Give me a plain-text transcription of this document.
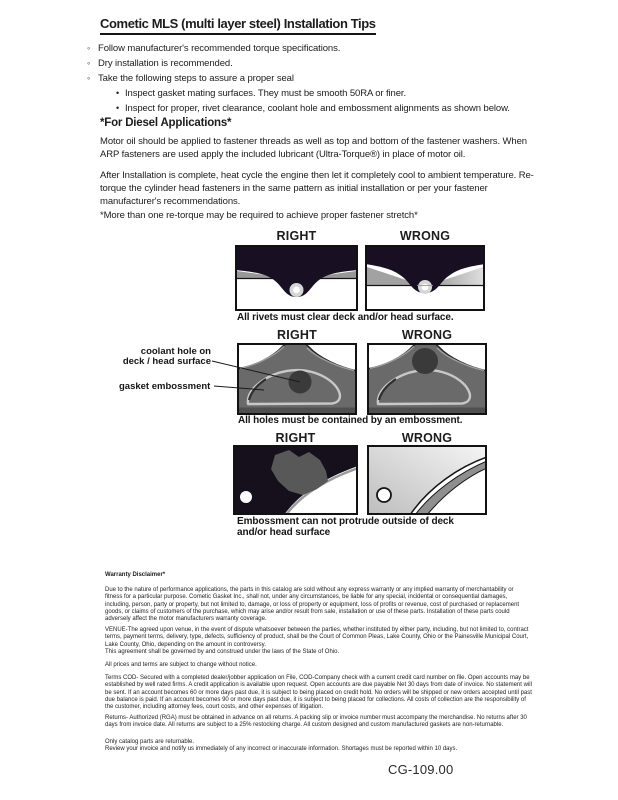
Cometic MLS (multi layer steel) Installation Tips
◦ Follow manufacturer's recommended torque specifications.
◦ Dry installation is recommended.
◦ Take the following steps to assure a proper seal
• Inspect gasket mating surfaces. They must be smooth 50RA or finer.
• Inspect for proper, rivet clearance, coolant hole and embossment alignments as shown below.
*For Diesel Applications*
Motor oil should be applied to fastener threads as well as top and bottom of the fastener washers. When ARP fasteners are used apply the included lubricant (Ultra-Torque®) in place of motor oil.
After Installation is complete, heat cycle the engine then let it completely cool to ambient temperature. Re-torque the cylinder head fasteners in the same pattern as initial installation or per your fastener manufacturer's recommendations.
*More than one re-torque may be required to achieve proper fastener stretch*
RIGHT	WRONG
All rivets must clear deck and/or head surface.
RIGHT	WRONG
coolant hole on
deck / head surface
gasket embossment
All holes must be contained by an embossment.
RIGHT	WRONG
Embossment can not protrude outside of deck
and/or head surface
Warranty Disclaimer*
Due to the nature of performance applications, the parts in this catalog are sold without any express warranty or any implied warranty of merchantability or fitness for a particular purpose. Cometic Gasket Inc., shall not, under any circumstances, be liable for any special, incidental or consequential damages, including, person, party or property, but not limited to, damage, or loss of property or equipment, loss of profits or revenue, cost of purchased or replacement goods, or claims of customers of the purchase, which may arise and/or result from sale, installation or use of these parts. Installation of these parts could adversely affect the motor manufacturers warranty coverage.
VENUE-The agreed upon venue, in the event of dispute whatsoever between the parties, whether instituted by either party, including, but not limited to, contract terms, payment terms, delivery, type, defects, sufficiency of product, shall be the Court of Common Pleas, Lake County, Ohio or the Painesville Municipal Court, Lake County, Ohio, depending on the amount in controversy.
This agreement shall be governed by and construed under the laws of the State of Ohio.
All prices and terms are subject to change without notice.
Terms COD- Secured with a completed dealer/jobber application on File, COD-Company check with a current credit card number on file. Open accounts may be established by well rated firms. A credit application is available upon request. Open accounts are due payable Net 30 days from date of invoice. No statement will be sent. If an account becomes 60 or more days past due, it is subject to being placed on credit hold. No orders will be shipped or new orders accepted until past due balance is paid. If an account becomes 90 or more days past due, it is subject to being placed for collections. All costs of collection are the responsibility of the customer, including attorney fees, court costs, and other expenses of litigation.
Returns- Authorized (RGA) must be obtained in advance on all returns. A packing slip or invoice number must accompany the merchandise. No returns after 30 days from invoice date. All returns are subject to a 25% restocking charge. All custom designed and custom manufactured gaskets are non-returnable.
Only catalog parts are returnable.
Review your invoice and notify us immediately of any incorrect or inaccurate information. Shortages must be reported within 10 days.
CG-109.00
